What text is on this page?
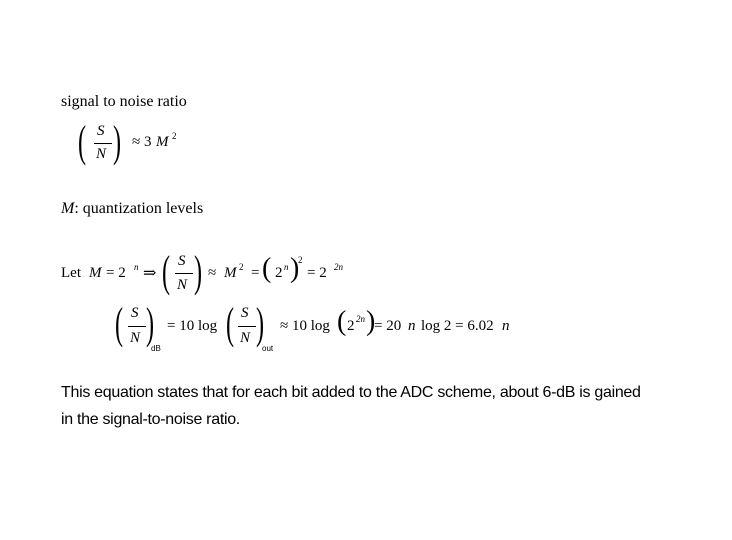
signal to noise ratio
( S
N ) ≈ 3 M 2
M: quantization levels
Let M = 2 n ⇒ ( S
N ) ≈ M 2 = ( 2 n )
2
= 2 2n
( S
N )
dB
= 10 log ( S
N )
out
≈ 10 log ( 2 2n )
= 20 n log 2 = 6.02 n
This equation states that for each bit added to the ADC scheme, about 6-dB is gained
in the signal-to-noise ratio.
